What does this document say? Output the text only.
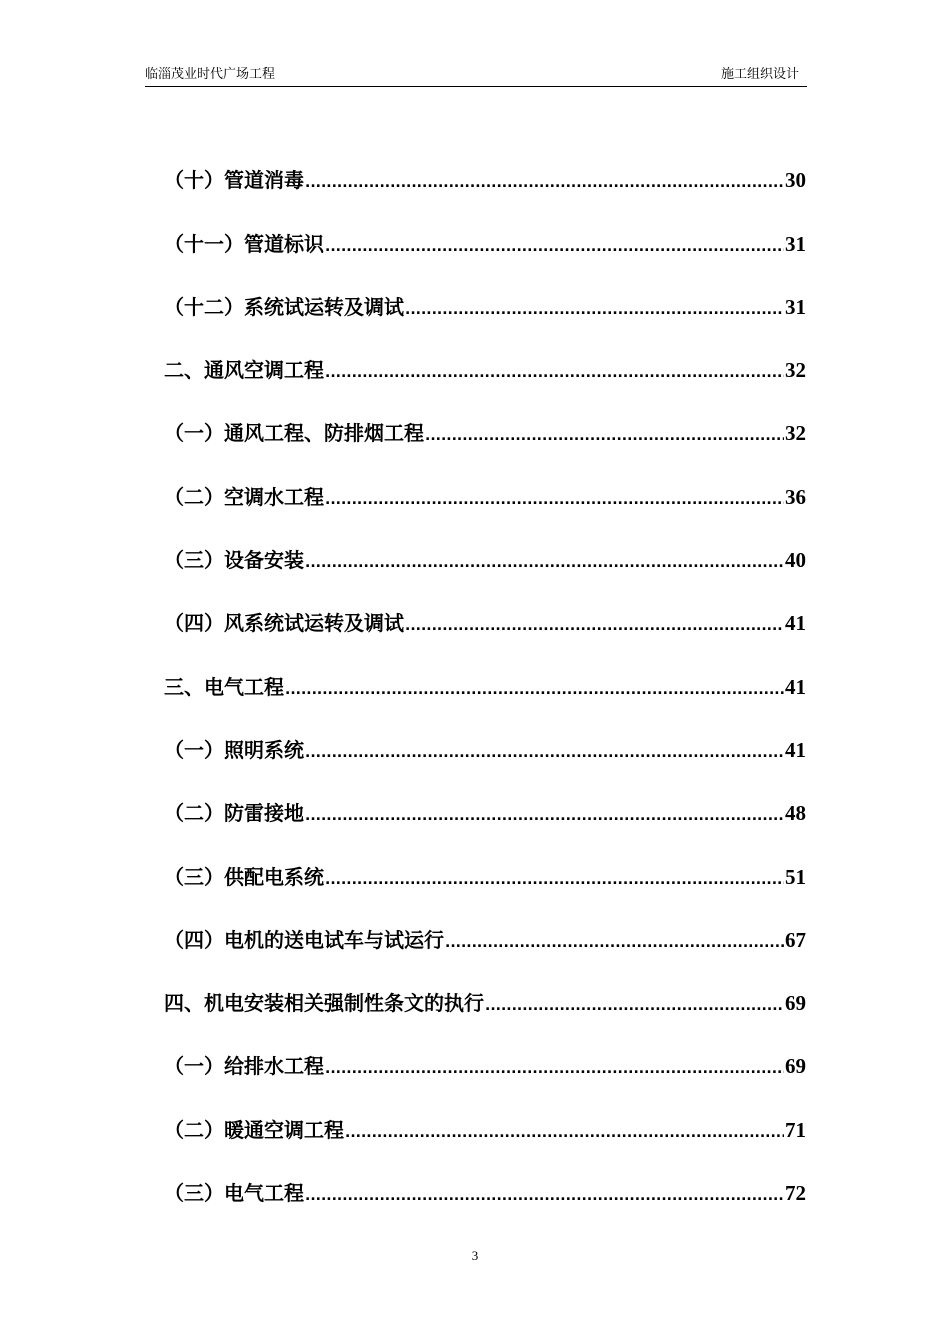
临淄茂业时代广场工程	施工组织设计
（十）管道消毒 .....	30
（十一）管道标识 .....	31
（十二）系统试运转及调试 .....	31
二、通风空调工程 .....	32
（一）通风工程、防排烟工程 .....	32
（二）空调水工程 .....	36
（三）设备安装 .....	40
（四）风系统试运转及调试 .....	41
三、电气工程 .....	41
（一）照明系统 .....	41
（二）防雷接地 .....	48
（三）供配电系统 .....	51
（四）电机的送电试车与试运行 .....	67
四、机电安装相关强制性条文的执行 .....	69
（一）给排水工程 .....	69
（二）暖通空调工程 .....	71
（三）电气工程 .....	72
3
